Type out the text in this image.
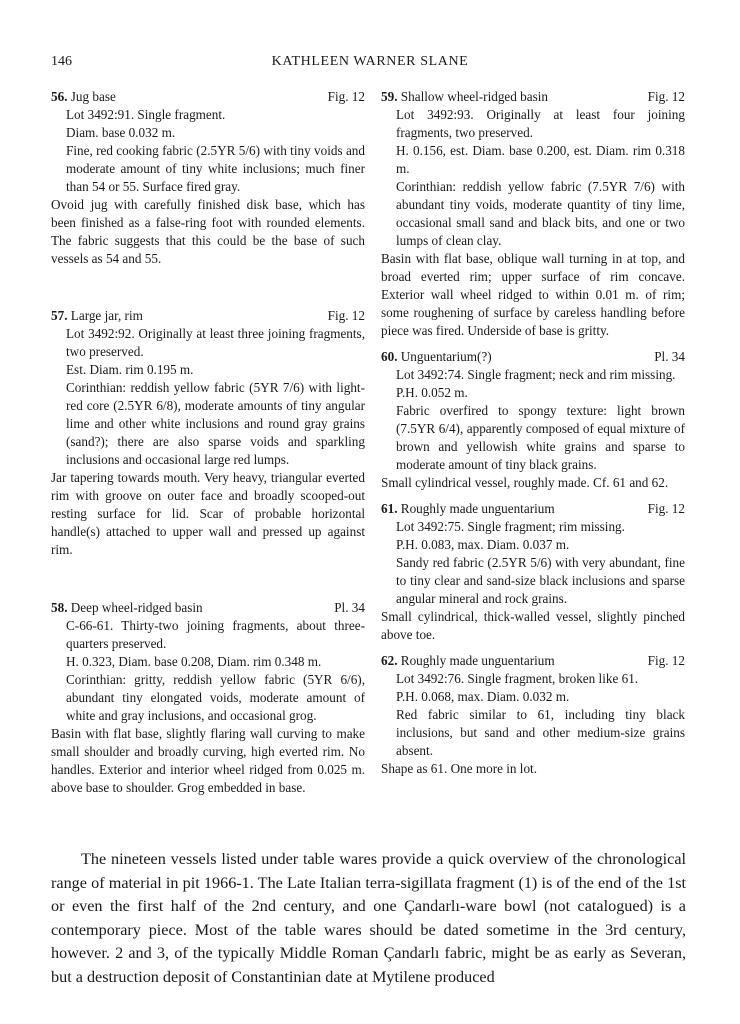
146	KATHLEEN WARNER SLANE
56. Jug base	Fig. 12

Lot 3492:91. Single fragment.

Diam. base 0.032 m.

Fine, red cooking fabric (2.5YR 5/6) with tiny voids and moderate amount of tiny white inclusions; much finer than 54 or 55. Surface fired gray.

Ovoid jug with carefully finished disk base, which has been finished as a false-ring foot with rounded elements. The fabric suggests that this could be the base of such vessels as 54 and 55.

57. Large jar, rim	Fig. 12

Lot 3492:92. Originally at least three joining fragments, two preserved.

Est. Diam. rim 0.195 m.

Corinthian: reddish yellow fabric (5YR 7/6) with light-red core (2.5YR 6/8), moderate amounts of tiny angular lime and other white inclusions and round gray grains (sand?); there are also sparse voids and sparkling inclusions and occasional large red lumps.

Jar tapering towards mouth. Very heavy, triangular everted rim with groove on outer face and broadly scooped-out resting surface for lid. Scar of probable horizontal handle(s) attached to upper wall and pressed up against rim.

58. Deep wheel-ridged basin	Pl. 34

C-66-61. Thirty-two joining fragments, about three-quarters preserved.

H. 0.323, Diam. base 0.208, Diam. rim 0.348 m.

Corinthian: gritty, reddish yellow fabric (5YR 6/6), abundant tiny elongated voids, moderate amount of white and gray inclusions, and occasional grog.

Basin with flat base, slightly flaring wall curving to make small shoulder and broadly curving, high everted rim. No handles. Exterior and interior wheel ridged from 0.025 m. above base to shoulder. Grog embedded in base.

59. Shallow wheel-ridged basin	Fig. 12

Lot 3492:93. Originally at least four joining fragments, two preserved.

H. 0.156, est. Diam. base 0.200, est. Diam. rim 0.318 m.

Corinthian: reddish yellow fabric (7.5YR 7/6) with abundant tiny voids, moderate quantity of tiny lime, occasional small sand and black bits, and one or two lumps of clean clay.

Basin with flat base, oblique wall turning in at top, and broad everted rim; upper surface of rim concave. Exterior wall wheel ridged to within 0.01 m. of rim; some roughening of surface by careless handling before piece was fired. Underside of base is gritty.

60. Unguentarium(?)	Pl. 34

Lot 3492:74. Single fragment; neck and rim missing.

P.H. 0.052 m.

Fabric overfired to spongy texture: light brown (7.5YR 6/4), apparently composed of equal mixture of brown and yellowish white grains and sparse to moderate amount of tiny black grains.

Small cylindrical vessel, roughly made. Cf. 61 and 62.

61. Roughly made unguentarium	Fig. 12

Lot 3492:75. Single fragment; rim missing.

P.H. 0.083, max. Diam. 0.037 m.

Sandy red fabric (2.5YR 5/6) with very abundant, fine to tiny clear and sand-size black inclusions and sparse angular mineral and rock grains.

Small cylindrical, thick-walled vessel, slightly pinched above toe.

62. Roughly made unguentarium	Fig. 12

Lot 3492:76. Single fragment, broken like 61.

P.H. 0.068, max. Diam. 0.032 m.

Red fabric similar to 61, including tiny black inclusions, but sand and other medium-size grains absent.

Shape as 61. One more in lot.

The nineteen vessels listed under table wares provide a quick overview of the chronological range of material in pit 1966-1. The Late Italian terra-sigillata fragment (1) is of the end of the 1st or even the first half of the 2nd century, and one Çandarlı-ware bowl (not catalogued) is a contemporary piece. Most of the table wares should be dated sometime in the 3rd century, however. 2 and 3, of the typically Middle Roman Çandarlı fabric, might be as early as Severan, but a destruction deposit of Constantinian date at Mytilene produced
